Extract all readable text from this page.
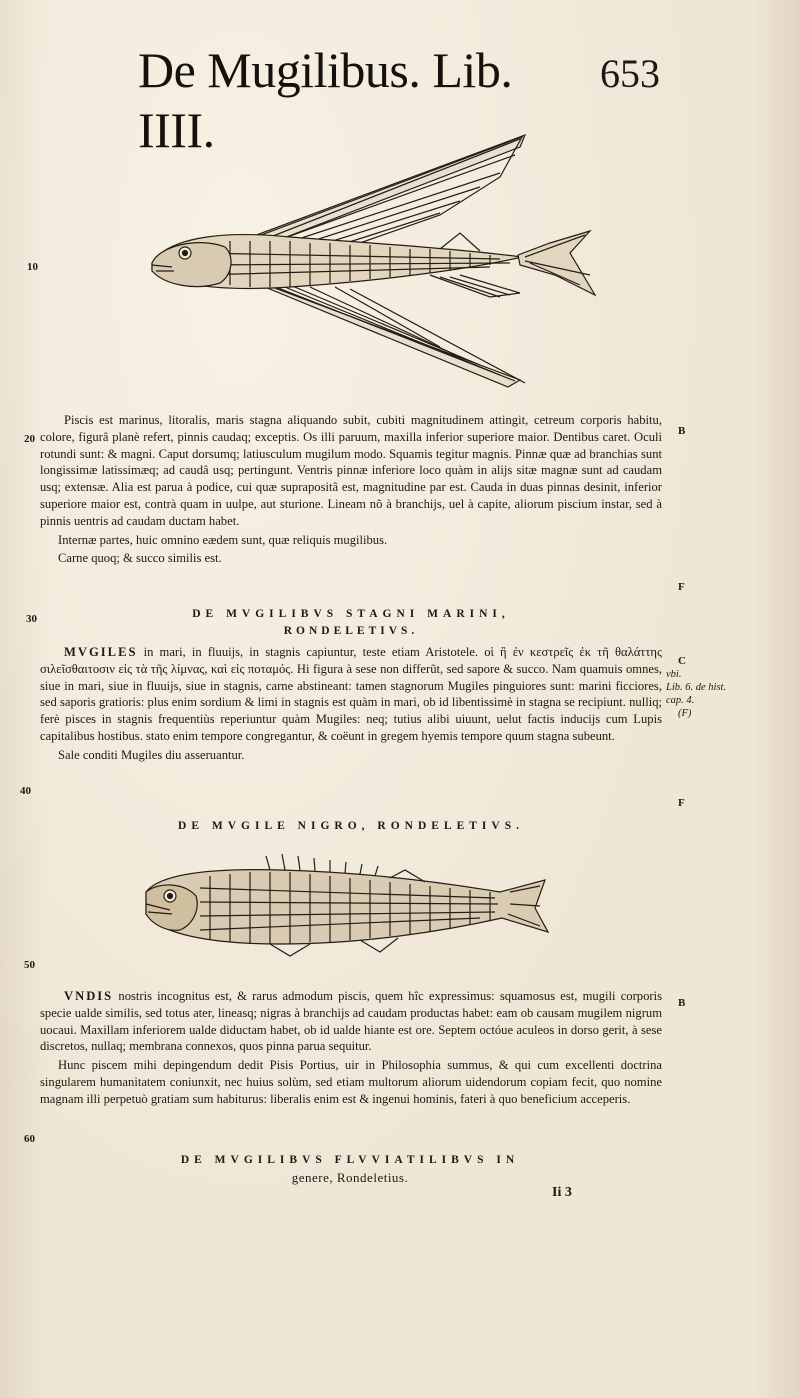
De Mugilibus. Lib. IIII.
653
10

Piscis est marinus, litoralis, maris stagna aliquando subit, cubiti magnitudinem attingit, cetreum corporis habitu, colore, figurâ planè refert, pinnis caudaq; exceptis. Os illi paruum, maxilla inferior superiore maior. Dentibus caret. Oculi rotundi sunt: & magni. Caput dorsumq; latiusculum mugilum modo. Squamis tegitur magnis. Pinnæ quæ ad branchias sunt longissimæ latissimæq; ad caudâ usq; pertingunt. Ventris pinnæ inferiore loco quàm in alijs sitæ magnæ sunt ad caudam usq; extensæ. Alia est parua à podice, cui quæ suprapositâ est, magnitudine par est. Cauda in duas pinnas desinit, inferior superiore maior est, contrà quam in uulpe, aut sturione. Lineam nõ à branchijs, uel à capite, aliorum piscium instar, sed à pinnis uentris ad caudam ductam habet.

Internæ partes, huic omnino eædem sunt, quæ reliquis mugilibus.

Carne quoq; & succo similis est.

B
20
F
DE MVGILIBVS STAGNI MARINI,
RONDELETIVS.
30

MVGILES in mari, in fluuijs, in stagnis capiuntur, teste etiam Aristotele. οἱ ἢ ἐν κεστρεῖς ἐκ τῆ θαλάττης σιλεῖσθαιτοσιν εἰς τὰ τῆς λίμνας, καὶ εἰς ποταμός. Hi figura à sese non differũt, sed sapore & succo. Nam quamuis omnes, siue in mari, siue in fluuijs, siue in stagnis, carne abstineant: tamen stagnorum Mugiles pinguiores sunt: marini ficciores, sed saporis gratioris: plus enim sordium & limi in stagnis est quàm in mari, ob id libentissimè in stagna se recipiunt. nulliq; ferè pisces in stagnis frequentiùs reperiuntur quàm Mugiles: neq; tutius alibi uiuunt, uelut factis inducijs cum Lupis capitalibus hostibus. stato enim tempore congregantur, & coëunt in gregem hyemis tempore quum stagna subeunt.

Sale conditi Mugiles diu asseruantur.

C
vbi.
Lib. 6. de hist.
cap. 4.
(F)
40
F
DE MVGILE NIGRO, RONDELETIVS.
50

VNDIS nostris incognitus est, & rarus admodum piscis, quem hîc expressimus: squamosus est, mugili corporis specie ualde similis, sed totus ater, lineasq; nigras à branchijs ad caudam productas habet: eam ob causam mugilem nigrum uocaui. Maxillam inferiorem ualde diductam habet, ob id ualde hiante est ore. Septem octóue aculeos in dorso gerit, à sese discretos, nullaq; membrana connexos, quos pinna parua sequitur.

Hunc piscem mihi depingendum dedit Pisis Portius, uir in Philosophia summus, & qui cum excellenti doctrina singularem humanitatem coniunxit, nec huius solùm, sed etiam multorum aliorum uidendorum copiam fecit, quo nomine magnam illi perpetuò gratiam sum habiturus: liberalis enim est & ingenui hominis, fateri à quo beneficium acceperis.

B
60
DE MVGILIBVS FLVVIATILIBVS IN
genere, Rondeletius.
Ii 3
